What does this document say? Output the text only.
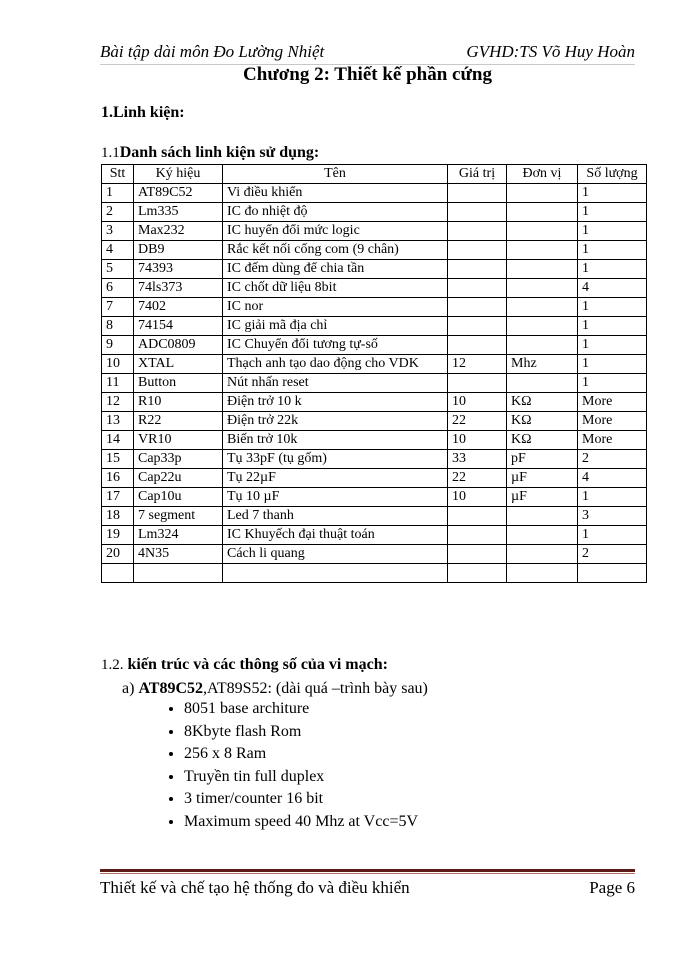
Bài tập dài môn Đo Lường Nhiệt	GVHD:TS Võ Huy Hoàn
Chương 2: Thiết kế phần cứng
1.Linh kiện:
1.1Danh sách linh kiện sử dụng:
Stt	Ký hiệu	Tên	Giá trị	Đơn vị	Số lượng
1	AT89C52	Vi điều khiển			1
2	Lm335	IC đo nhiệt độ			1
3	Max232	IC huyển đổi mức logic			1
4	DB9	Rắc kết nối cổng com (9 chân)			1
5	74393	IC đếm dùng để chia tần			1
6	74ls373	IC chốt dữ liệu 8bit			4
7	7402	IC nor			1
8	74154	IC giải mã địa chỉ			1
9	ADC0809	IC Chuyển đổi tương tự-số			1
10	XTAL	Thạch anh tạo dao động cho VDK	12	Mhz	1
11	Button	Nút nhấn reset			1
12	R10	Điện trở 10 k	10	KΩ	More
13	R22	Điện trở 22k	22	KΩ	More
14	VR10	Biến trở 10k	10	KΩ	More
15	Cap33p	Tụ 33pF (tụ gốm)	33	pF	2
16	Cap22u	Tụ 22µF	22	µF	4
17	Cap10u	Tụ 10 µF	10	µF	1
18	7 segment	Led 7 thanh			3
19	Lm324	IC Khuyếch đại thuật toán			1
20	4N35	Cách li quang			2

1.2. kiến trúc và các thông số của vi mạch:
a) AT89C52,AT89S52: (dài quá –trình bày sau)
• 8051 base architure
• 8Kbyte flash Rom
• 256 x 8 Ram
• Truyền tin full duplex
• 3 timer/counter 16 bit
• Maximum speed 40 Mhz at Vcc=5V
Thiết kế và chế tạo hệ thống đo và điều khiển	Page 6
